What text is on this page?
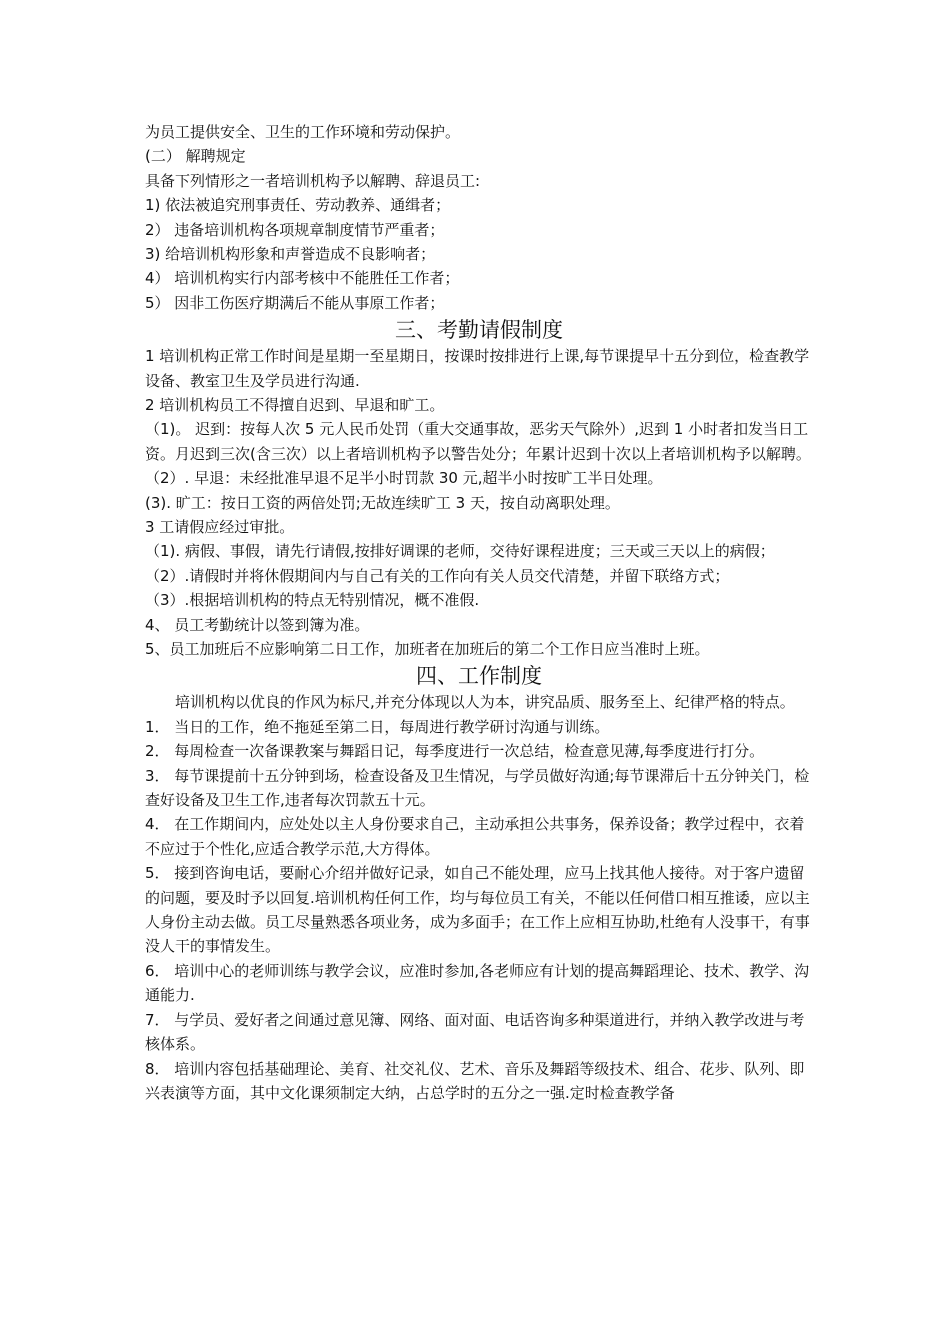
为员工提供安全、卫生的工作环境和劳动保护。
(二） 解聘规定
具备下列情形之一者培训机构予以解聘、辞退员工:
1) 依法被追究刑事责任、劳动教养、通缉者；
2） 违备培训机构各项规章制度情节严重者；
3) 给培训机构形象和声誉造成不良影响者；
4） 培训机构实行内部考核中不能胜任工作者；
5） 因非工伤医疗期满后不能从事原工作者；
三、考勤请假制度
1 培训机构正常工作时间是星期一至星期日，按课时按排进行上课,每节课提早十五分到位，检查教学设备、教室卫生及学员进行沟通.
2 培训机构员工不得擅自迟到、早退和旷工。
（1)。 迟到：按每人次 5 元人民币处罚（重大交通事故，恶劣天气除外）,迟到 1 小时者扣发当日工资。月迟到三次(含三次）以上者培训机构予以警告处分；年累计迟到十次以上者培训机构予以解聘。
（2）. 早退：未经批准早退不足半小时罚款 30 元,超半小时按旷工半日处理。
(3). 旷工：按日工资的两倍处罚;无故连续旷工 3 天，按自动离职处理。
3 工请假应经过审批。
（1). 病假、事假，请先行请假,按排好调课的老师，交待好课程进度；三天或三天以上的病假；
（2）.请假时并将休假期间内与自己有关的工作向有关人员交代清楚，并留下联络方式；
（3）.根据培训机构的特点无特别情况，概不准假.
4、 员工考勤统计以签到簿为准。
5、员工加班后不应影响第二日工作，加班者在加班后的第二个工作日应当准时上班。
四、工作制度
培训机构以优良的作风为标尺,并充分体现以人为本，讲究品质、服务至上、纪律严格的特点。
1． 当日的工作，绝不拖延至第二日，每周进行教学研讨沟通与训练。
2． 每周检查一次备课教案与舞蹈日记，每季度进行一次总结，检查意见薄,每季度进行打分。
3． 每节课提前十五分钟到场，检查设备及卫生情况，与学员做好沟通;每节课滞后十五分钟关门，检查好设备及卫生工作,违者每次罚款五十元。
4． 在工作期间内，应处处以主人身份要求自己，主动承担公共事务，保养设备；教学过程中，衣着不应过于个性化,应适合教学示范,大方得体。
5． 接到咨询电话，要耐心介绍并做好记录，如自己不能处理，应马上找其他人接待。对于客户遗留的问题，要及时予以回复.培训机构任何工作，均与每位员工有关，不能以任何借口相互推诿，应以主人身份主动去做。员工尽量熟悉各项业务，成为多面手；在工作上应相互协助,杜绝有人没事干，有事没人干的事情发生。
6． 培训中心的老师训练与教学会议，应准时参加,各老师应有计划的提高舞蹈理论、技术、教学、沟通能力.
7． 与学员、爱好者之间通过意见簿、网络、面对面、电话咨询多种渠道进行，并纳入教学改进与考核体系。
8． 培训内容包括基础理论、美育、社交礼仪、艺术、音乐及舞蹈等级技术、组合、花步、队列、即兴表演等方面，其中文化课须制定大纳，占总学时的五分之一强.定时检查教学备
